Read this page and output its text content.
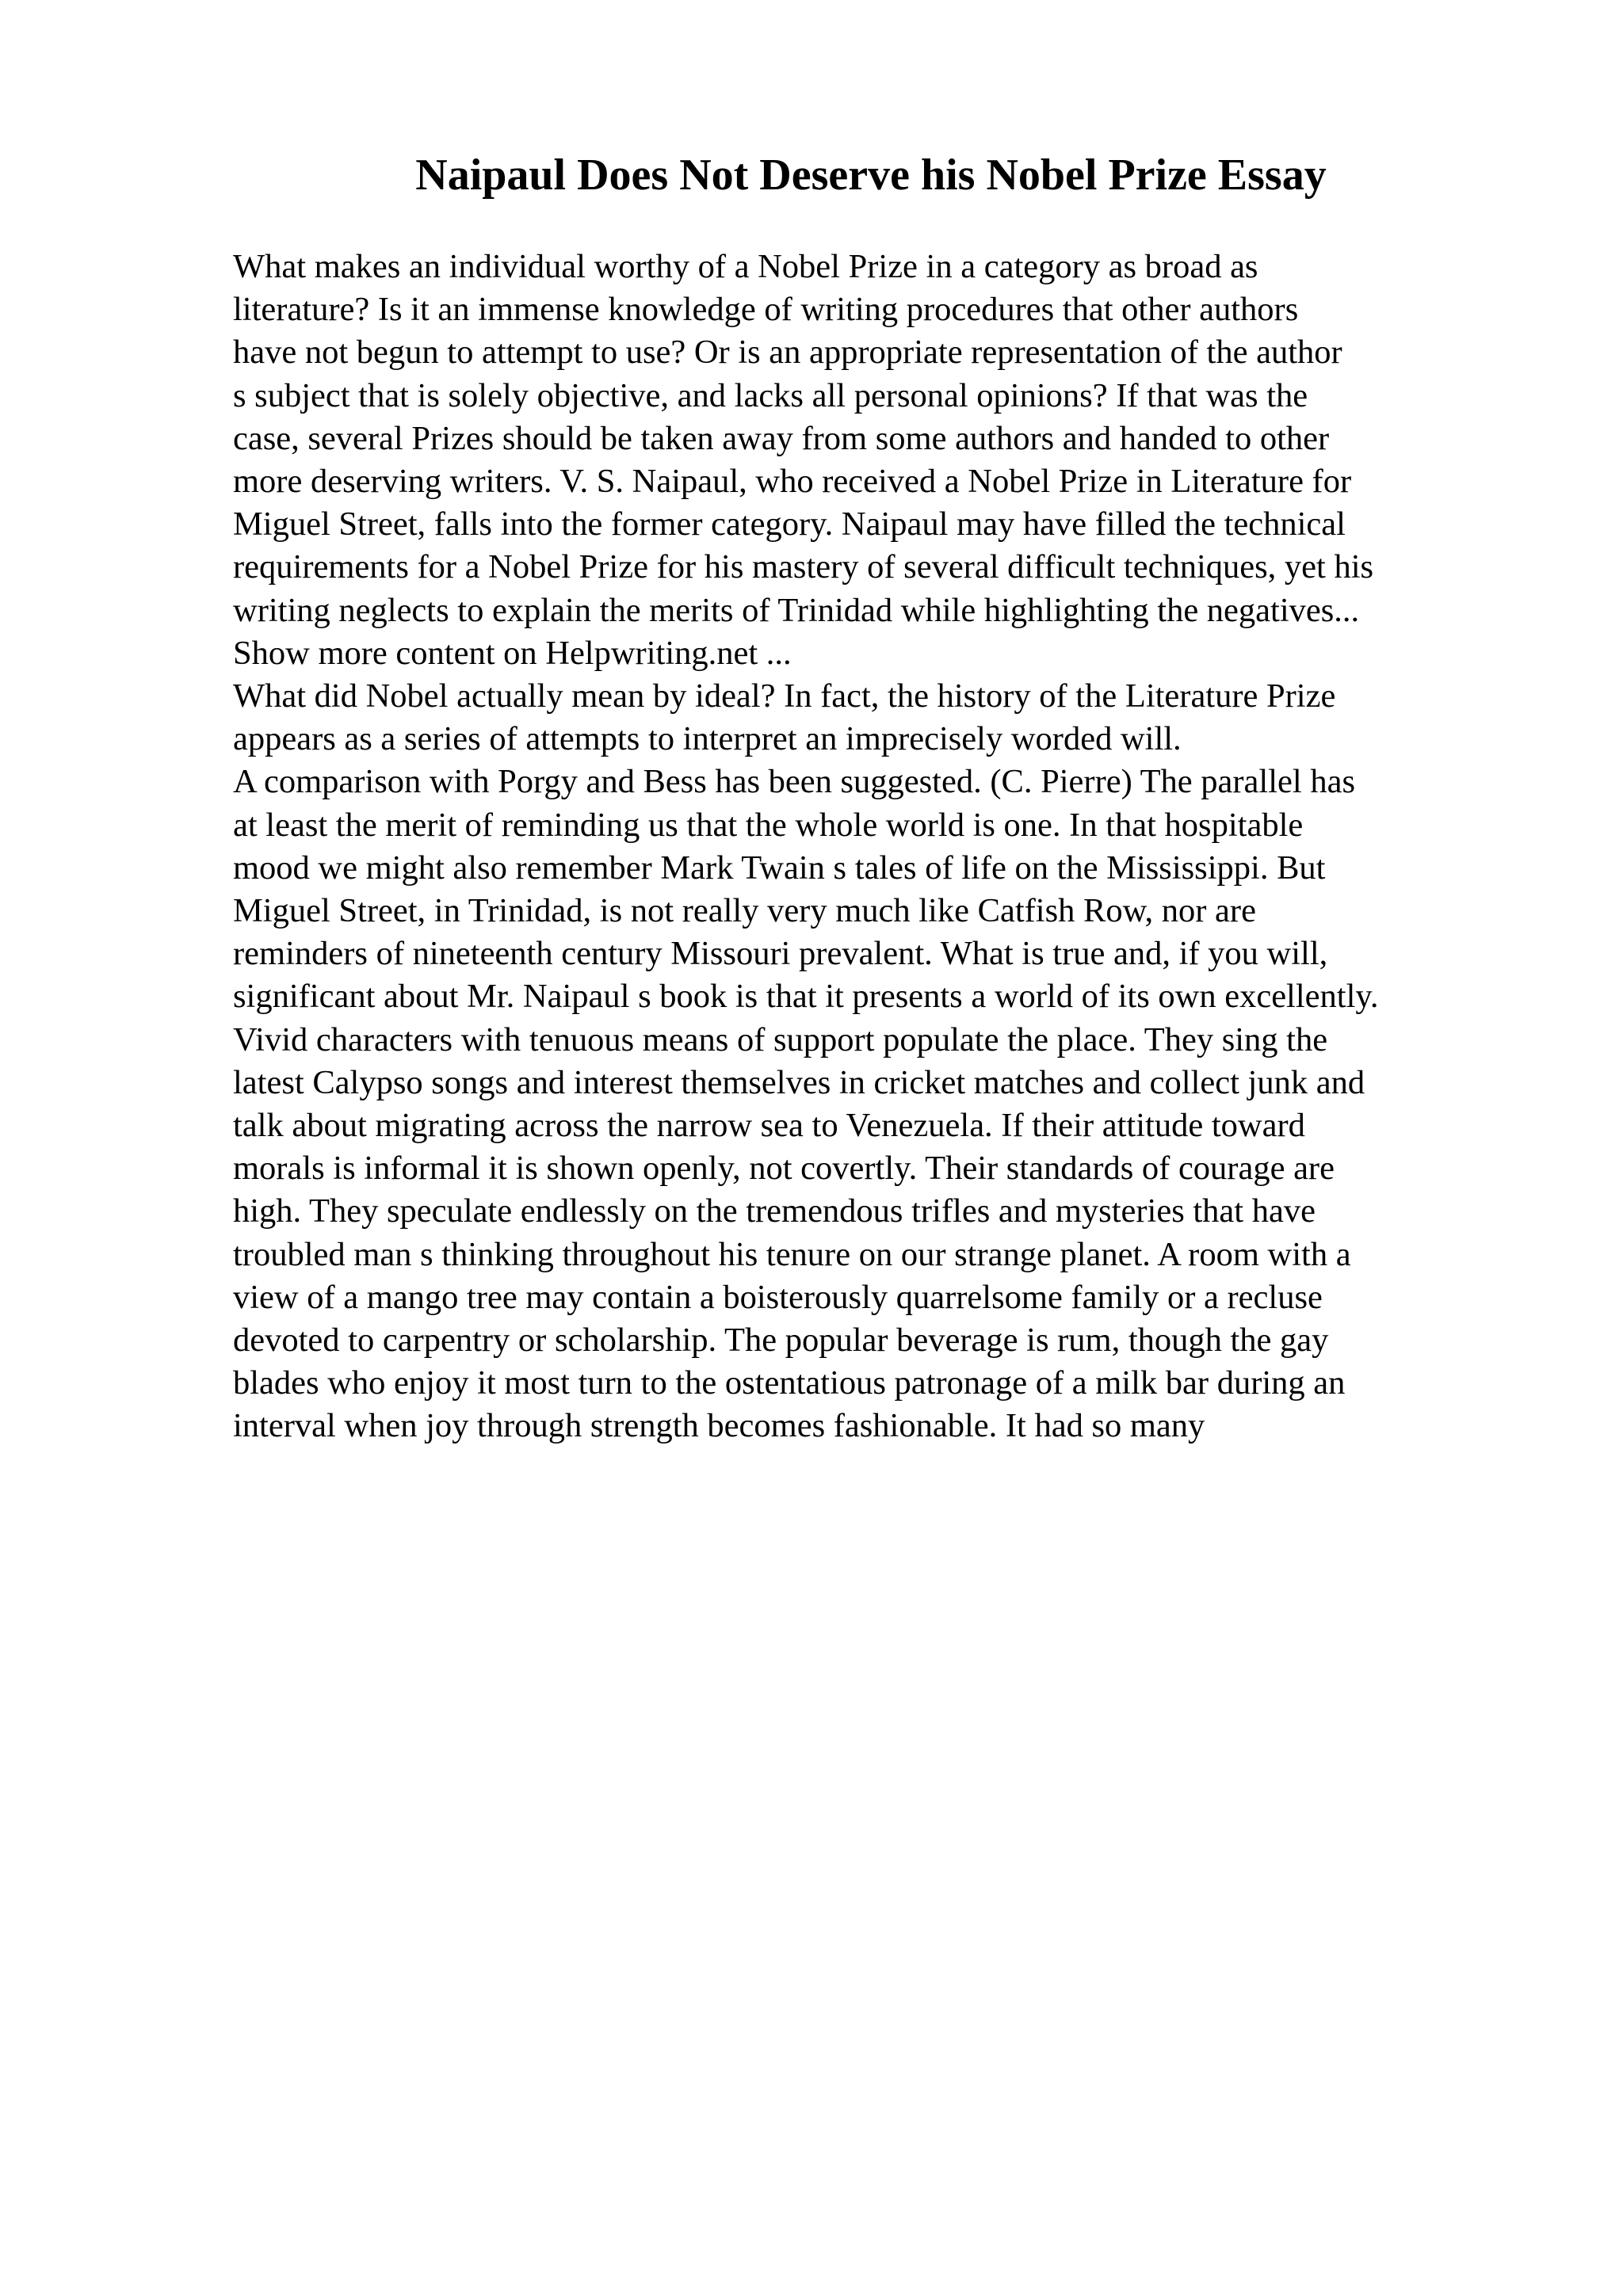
Naipaul Does Not Deserve his Nobel Prize Essay
What makes an individual worthy of a Nobel Prize in a category as broad as
literature? Is it an immense knowledge of writing procedures that other authors
have not begun to attempt to use? Or is an appropriate representation of the author
s subject that is solely objective, and lacks all personal opinions? If that was the
case, several Prizes should be taken away from some authors and handed to other
more deserving writers. V. S. Naipaul, who received a Nobel Prize in Literature for
Miguel Street, falls into the former category. Naipaul may have filled the technical
requirements for a Nobel Prize for his mastery of several difficult techniques, yet his
writing neglects to explain the merits of Trinidad while highlighting the negatives...
Show more content on Helpwriting.net ...
What did Nobel actually mean by ideal? In fact, the history of the Literature Prize
appears as a series of attempts to interpret an imprecisely worded will.
A comparison with Porgy and Bess has been suggested. (C. Pierre) The parallel has
at least the merit of reminding us that the whole world is one. In that hospitable
mood we might also remember Mark Twain s tales of life on the Mississippi. But
Miguel Street, in Trinidad, is not really very much like Catfish Row, nor are
reminders of nineteenth century Missouri prevalent. What is true and, if you will,
significant about Mr. Naipaul s book is that it presents a world of its own excellently.
Vivid characters with tenuous means of support populate the place. They sing the
latest Calypso songs and interest themselves in cricket matches and collect junk and
talk about migrating across the narrow sea to Venezuela. If their attitude toward
morals is informal it is shown openly, not covertly. Their standards of courage are
high. They speculate endlessly on the tremendous trifles and mysteries that have
troubled man s thinking throughout his tenure on our strange planet. A room with a
view of a mango tree may contain a boisterously quarrelsome family or a recluse
devoted to carpentry or scholarship. The popular beverage is rum, though the gay
blades who enjoy it most turn to the ostentatious patronage of a milk bar during an
interval when joy through strength becomes fashionable. It had so many
